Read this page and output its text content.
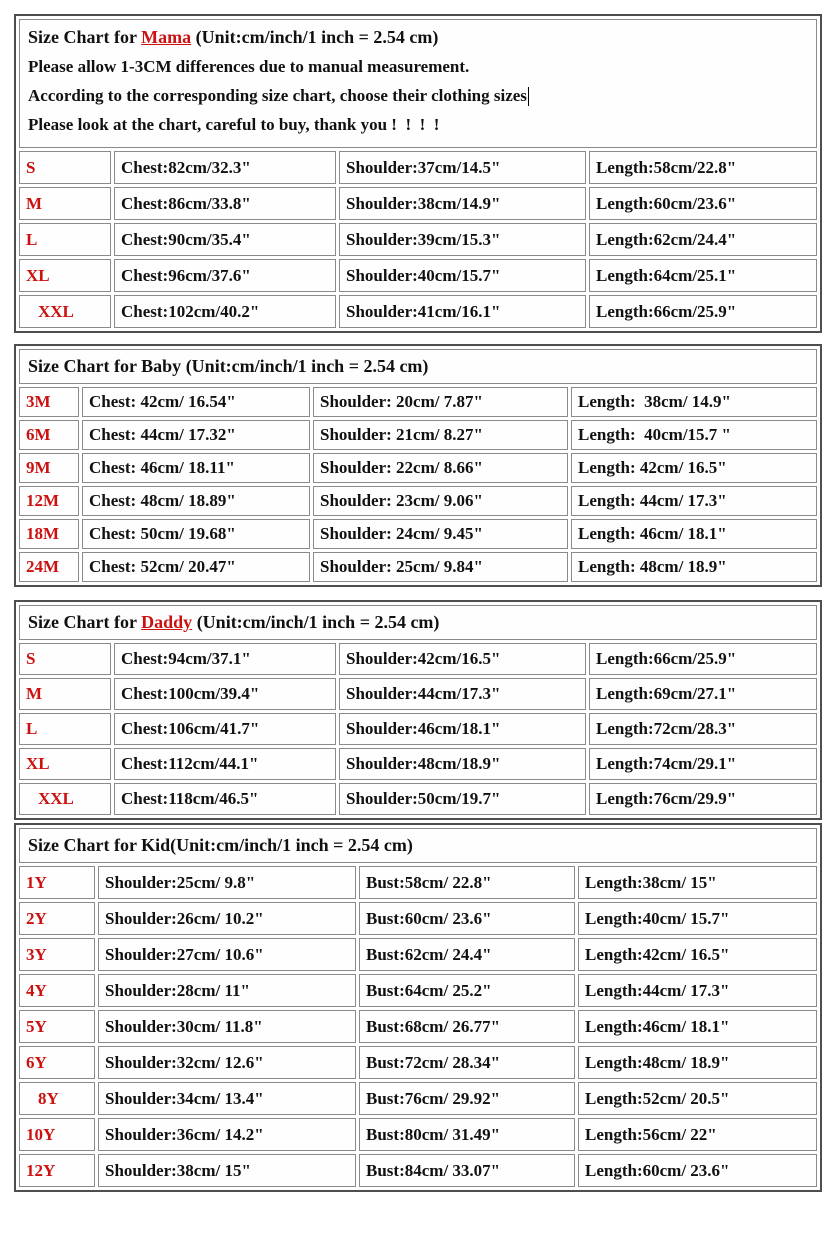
Size Chart for Mama (Unit:cm/inch/1 inch = 2.54 cm)
Please allow 1-3CM differences due to manual measurement.
According to the corresponding size chart, choose their clothing sizes
Please look at the chart, careful to buy, thank you !  !  !  !
S	Chest:82cm/32.3"	Shoulder:37cm/14.5"	Length:58cm/22.8"
M	Chest:86cm/33.8"	Shoulder:38cm/14.9"	Length:60cm/23.6"
L	Chest:90cm/35.4"	Shoulder:39cm/15.3"	Length:62cm/24.4"
XL	Chest:96cm/37.6"	Shoulder:40cm/15.7"	Length:64cm/25.1"
XXL	Chest:102cm/40.2"	Shoulder:41cm/16.1"	Length:66cm/25.9"
Size Chart for Baby (Unit:cm/inch/1 inch = 2.54 cm)
3M	Chest: 42cm/ 16.54"	Shoulder: 20cm/ 7.87"	Length:  38cm/ 14.9"
6M	Chest: 44cm/ 17.32"	Shoulder: 21cm/ 8.27"	Length:  40cm/15.7 "
9M	Chest: 46cm/ 18.11"	Shoulder: 22cm/ 8.66"	Length: 42cm/ 16.5"
12M	Chest: 48cm/ 18.89"	Shoulder: 23cm/ 9.06"	Length: 44cm/ 17.3"
18M	Chest: 50cm/ 19.68"	Shoulder: 24cm/ 9.45"	Length: 46cm/ 18.1"
24M	Chest: 52cm/ 20.47"	Shoulder: 25cm/ 9.84"	Length: 48cm/ 18.9"
Size Chart for Daddy (Unit:cm/inch/1 inch = 2.54 cm)
S	Chest:94cm/37.1"	Shoulder:42cm/16.5"	Length:66cm/25.9"
M	Chest:100cm/39.4"	Shoulder:44cm/17.3"	Length:69cm/27.1"
L	Chest:106cm/41.7"	Shoulder:46cm/18.1"	Length:72cm/28.3"
XL	Chest:112cm/44.1"	Shoulder:48cm/18.9"	Length:74cm/29.1"
XXL	Chest:118cm/46.5"	Shoulder:50cm/19.7"	Length:76cm/29.9"
Size Chart for Kid (Unit:cm/inch/1 inch = 2.54 cm)
1Y	Shoulder:25cm/ 9.8"	Bust:58cm/ 22.8"	Length:38cm/ 15"
2Y	Shoulder:26cm/ 10.2"	Bust:60cm/ 23.6"	Length:40cm/ 15.7"
3Y	Shoulder:27cm/ 10.6"	Bust:62cm/ 24.4"	Length:42cm/ 16.5"
4Y	Shoulder:28cm/ 11"	Bust:64cm/ 25.2"	Length:44cm/ 17.3"
5Y	Shoulder:30cm/ 11.8"	Bust:68cm/ 26.77"	Length:46cm/ 18.1"
6Y	Shoulder:32cm/ 12.6"	Bust:72cm/ 28.34"	Length:48cm/ 18.9"
8Y	Shoulder:34cm/ 13.4"	Bust:76cm/ 29.92"	Length:52cm/ 20.5"
10Y	Shoulder:36cm/ 14.2"	Bust:80cm/ 31.49"	Length:56cm/ 22"
12Y	Shoulder:38cm/ 15"	Bust:84cm/ 33.07"	Length:60cm/ 23.6"
